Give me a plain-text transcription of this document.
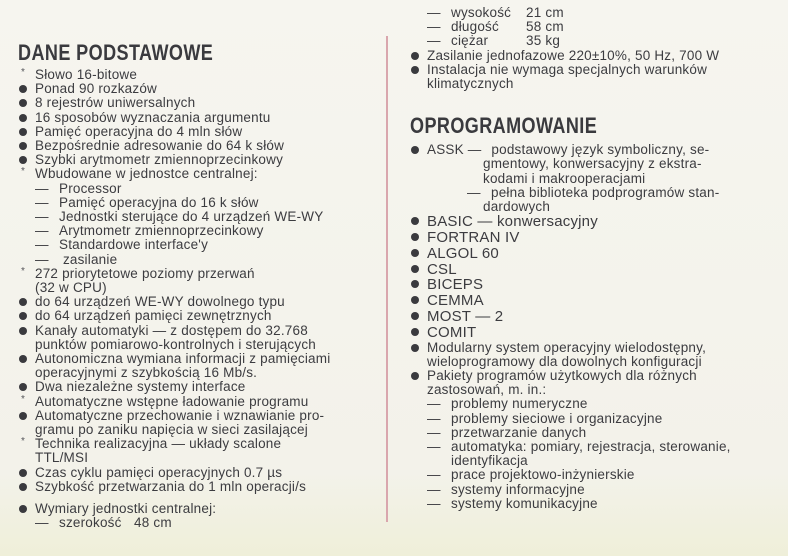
DANE PODSTAWOWE
* Słowo 16-bitowe
Ponad 90 rozkazów
8 rejestrów uniwersalnych
16 sposobów wyznaczania argumentu
Pamięć operacyjna do 4 mln słów
Bezpośrednie adresowanie do 64 k słów
Szybki arytmometr zmiennoprzecinkowy
* Wbudowane w jednostce centralnej:
— Processor
— Pamięć operacyjna do 16 k słów
— Jednostki sterujące do 4 urządzeń WE-WY
— Arytmometr zmiennoprzecinkowy
— Standardowe interface'y
— zasilanie
* 272 priorytetowe poziomy przerwań
(32 w CPU)
do 64 urządzeń WE-WY dowolnego typu
do 64 urządzeń pamięci zewnętrznych
Kanały automatyki — z dostępem do 32.768
punktów pomiarowo-kontrolnych i sterujących
Autonomiczna wymiana informacji z pamięciami
operacyjnymi z szybkością 16 Mb/s.
Dwa niezależne systemy interface
* Automatyczne wstępne ładowanie programu
Automatyczne przechowanie i wznawianie pro-
gramu po zaniku napięcia w sieci zasilającej
* Technika realizacyjna — układy scalone
TTL/MSI
Czas cyklu pamięci operacyjnych 0.7 µs
Szybkość przetwarzania do 1 mln operacji/s
Wymiary jednostki centralnej:
— szerokość 48 cm
— wysokość 21 cm
— długość 58 cm
— ciężar	35 kg
Zasilanie jednofazowe 220±10%, 50 Hz, 700 W
Instalacja nie wymaga specjalnych warunków
klimatycznych
OPROGRAMOWANIE
ASSK — podstawowy język symboliczny, se-
gmentowy, konwersacyjny z ekstra-
kodami i makrooperacjami
— pełna biblioteka podprogramów stan-
dardowych
BASIC — konwersacyjny
FORTRAN IV
ALGOL 60
CSL
BICEPS
CEMMA
MOST — 2
COMIT
Modularny system operacyjny wielodostępny,
wieloprogramowy dla dowolnych konfiguracji
Pakiety programów użytkowych dla różnych
zastosowań, m. in.:
— problemy numeryczne
— problemy sieciowe i organizacyjne
— przetwarzanie danych
— automatyka: pomiary, rejestracja, sterowanie,
identyfikacja
— prace projektowo-inżynierskie
— systemy informacyjne
— systemy komunikacyjne
